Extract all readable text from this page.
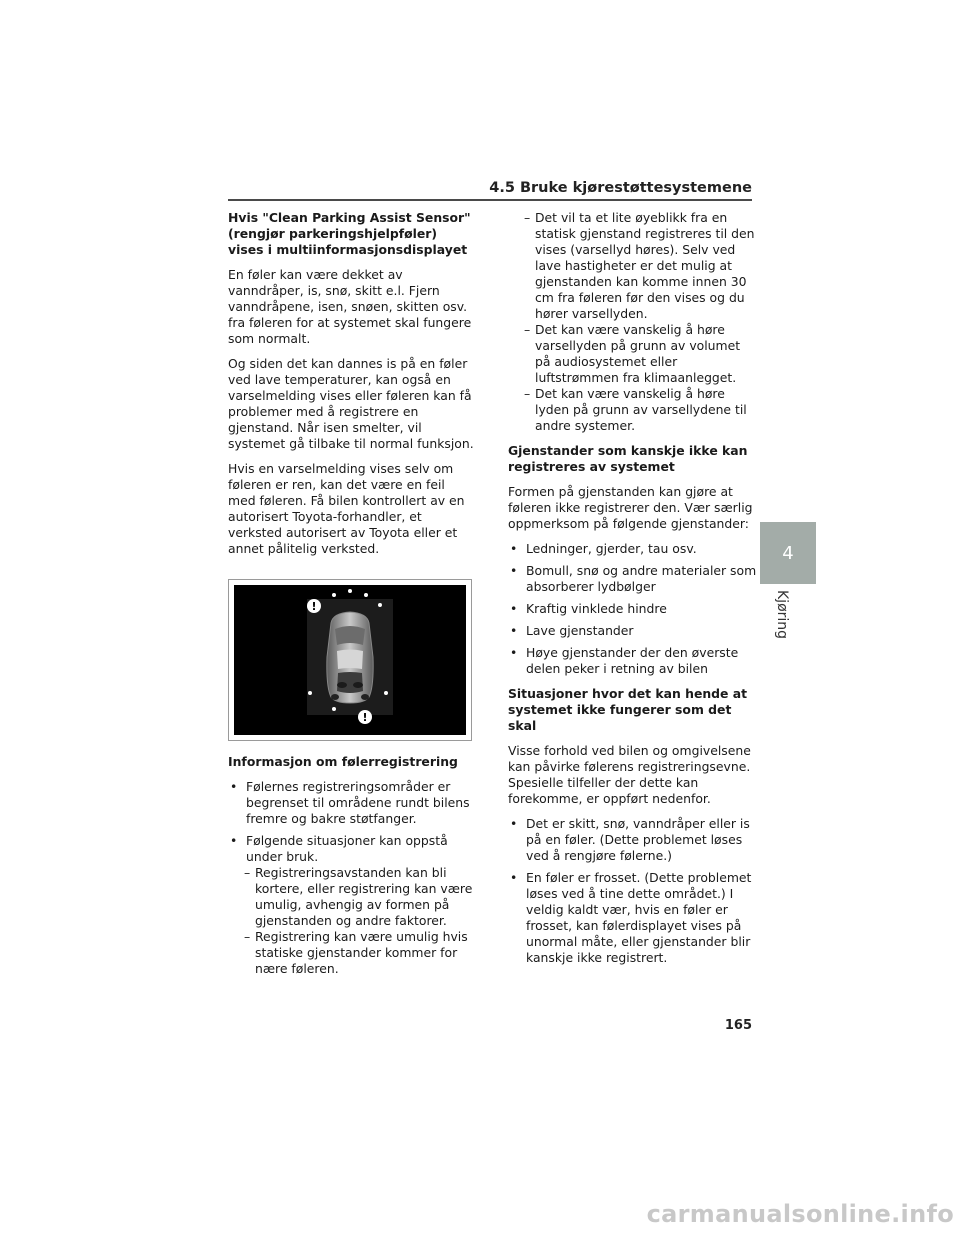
4.5 Bruke kjørestøttesystemene
Hvis "Clean Parking Assist Sensor" (rengjør parkeringshjelpføler) vises i multiinformasjonsdisplayet
En føler kan være dekket av vanndråper, is, snø, skitt e.l. Fjern vanndråpene, isen, snøen, skitten osv. fra føleren for at systemet skal fungere som normalt.
Og siden det kan dannes is på en føler ved lave temperaturer, kan også en varselmelding vises eller føleren kan få problemer med å registrere en gjenstand. Når isen smelter, vil systemet gå tilbake til normal funksjon.
Hvis en varselmelding vises selv om føleren er ren, kan det være en feil med føleren. Få bilen kontrollert av en autorisert Toyota-forhandler, et verksted autorisert av Toyota eller et annet pålitelig verksted.
!
!
Informasjon om følerregistrering
• Følernes registreringsområder er begrenset til områdene rundt bilens fremre og bakre støtfanger.
• Følgende situasjoner kan oppstå under bruk.
– Registreringsavstanden kan bli kortere, eller registrering kan være umulig, avhengig av formen på gjenstanden og andre faktorer.
– Registrering kan være umulig hvis statiske gjenstander kommer for nære føleren.
– Det vil ta et lite øyeblikk fra en statisk gjenstand registreres til den vises (varsellyd høres). Selv ved lave hastigheter er det mulig at gjenstanden kan komme innen 30 cm fra føleren før den vises og du hører varsellyden.
– Det kan være vanskelig å høre varsellyden på grunn av volumet på audiosystemet eller luftstrømmen fra klimaanlegget.
– Det kan være vanskelig å høre lyden på grunn av varsellydene til andre systemer.
Gjenstander som kanskje ikke kan registreres av systemet
Formen på gjenstanden kan gjøre at føleren ikke registrerer den. Vær særlig oppmerksom på følgende gjenstander:
• Ledninger, gjerder, tau osv.
• Bomull, snø og andre materialer som absorberer lydbølger
• Kraftig vinklede hindre
• Lave gjenstander
• Høye gjenstander der den øverste delen peker i retning av bilen
Situasjoner hvor det kan hende at systemet ikke fungerer som det skal
Visse forhold ved bilen og omgivelsene kan påvirke følerens registreringsevne. Spesielle tilfeller der dette kan forekomme, er oppført nedenfor.
• Det er skitt, snø, vanndråper eller is på en føler. (Dette problemet løses ved å rengjøre følerne.)
• En føler er frosset. (Dette problemet løses ved å tine dette området.) I veldig kaldt vær, hvis en føler er frosset, kan følerdisplayet vises på unormal måte, eller gjenstander blir kanskje ikke registrert.
4
Kjøring
165
carmanualsonline.info
